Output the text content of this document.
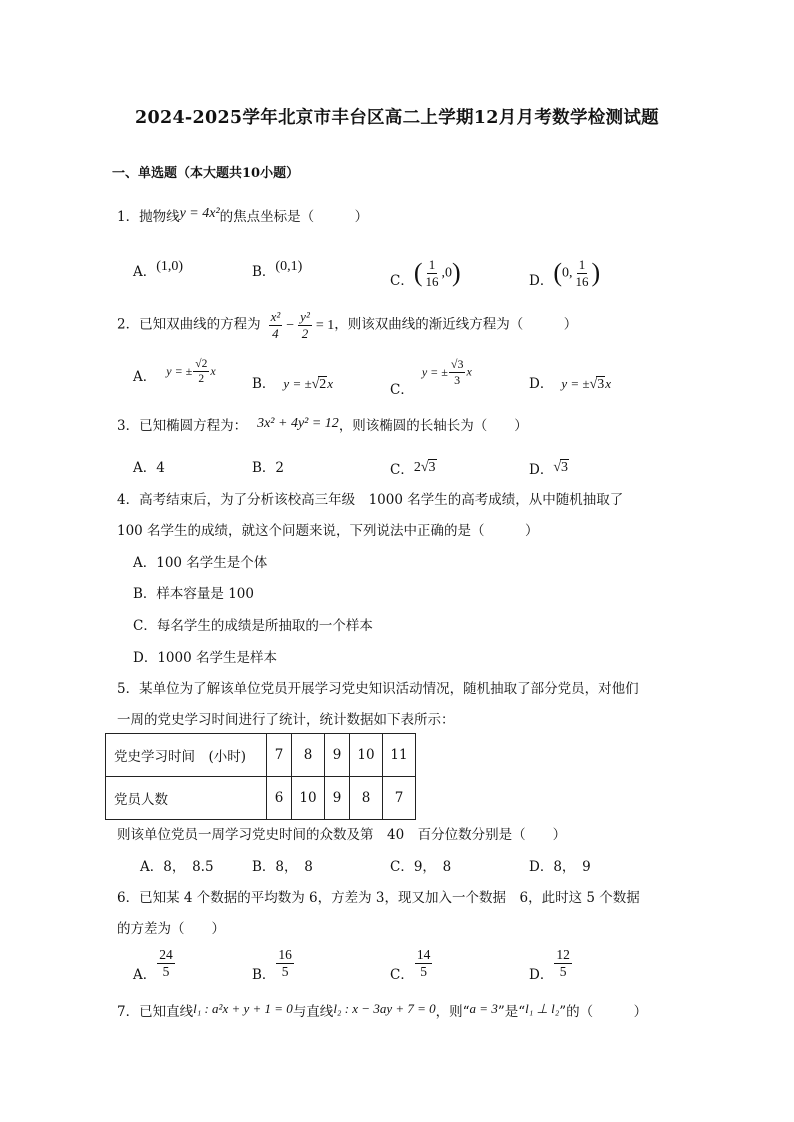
2024-2025学年北京市丰台区高二上学期12月月考数学检测试题
一、单选题（本大题共10小题）
1．抛物线y = 4x²的焦点坐标是（　　　）
A．(1,0)	B．(0,1)
C．( $\frac{1}{16} ,0$)	D．(0, $\frac{1}{16}$ )
2．已知双曲线的方程为 $\frac{\text{x²}}{4} - \frac{\text{y²}}{2} = 1$，则该双曲线的渐近线方程为（　　　）
A． y = ± $\frac{√2}{2}$ x
B． y = ±√2x	C．y = ± $\frac{√3}{3}$ x
D． y = ±√3x
3．已知椭圆方程为： 3x² + 4y² = 12，则该椭圆的长轴长为（　　）
A．4	B．2	C．2√3	D．√3
4．高考结束后，为了分析该校高三年级　1000 名学生的高考成绩，从中随机抽取了
100 名学生的成绩，就这个问题来说，下列说法中正确的是（　　　）
A．100 名学生是个体
B．样本容量是 100
C．每名学生的成绩是所抽取的一个样本
D．1000 名学生是样本
5．某单位为了解该单位党员开展学习党史知识活动情况，随机抽取了部分党员，对他们
一周的党史学习时间进行了统计，统计数据如下表所示：
党史学习时间　(小时)	7	8	9	10	11
党员人数	6	10	9	8	7
则该单位党员一周学习党史时间的众数及第　40　百分位数分别是（　　）
A．8，　8.5	B．8，　8	C．9，　8	D．8，　9
6．已知某 4 个数据的平均数为 6，方差为 3，现又加入一个数据　6，此时这 5 个数据
的方差为（　　）
A． $\frac{24}{5}$	B． $\frac{16}{5}$	C． $\frac{14}{5}$	D． $\frac{12}{5}$
7．已知直线l₁ : a²x + y + 1 = 0与直线l₂ : x − 3ay + 7 = 0，则“a = 3”是“l₁ ⊥ l₂”的（　　　）
